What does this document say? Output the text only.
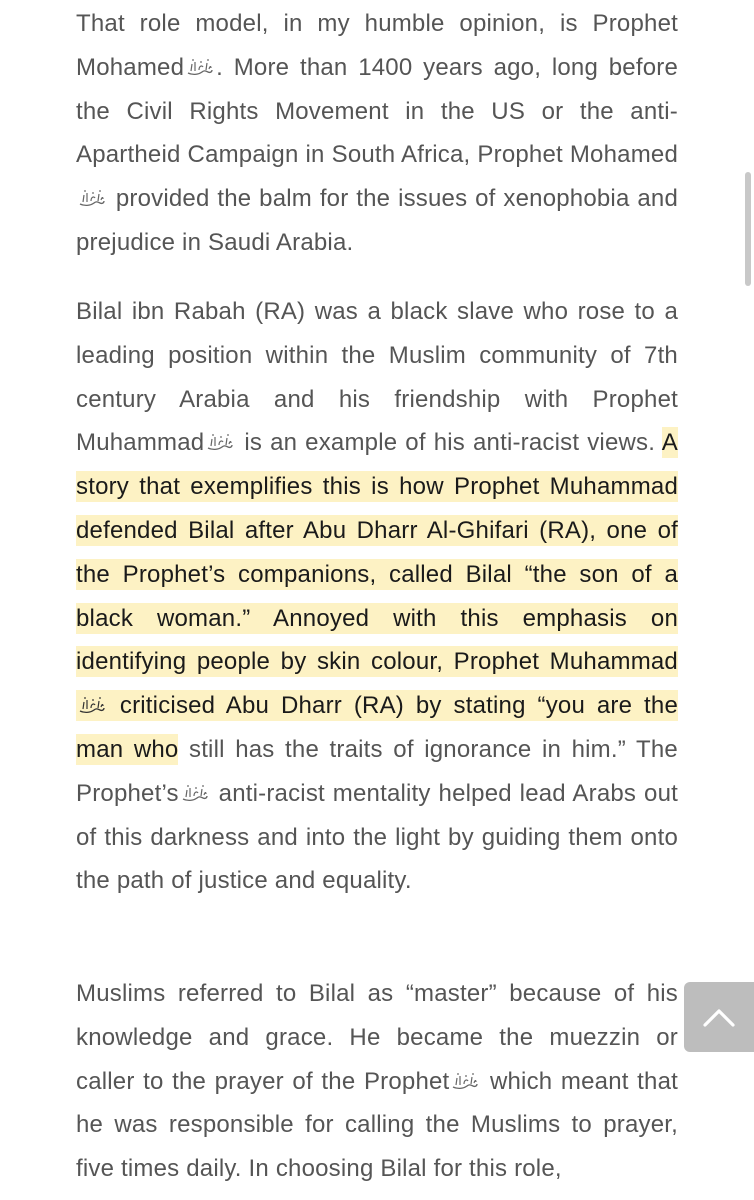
That role model, in my humble opinion, is Prophet Mohamed . More than 1400 years ago, long before the Civil Rights Movement in the US or the anti-Apartheid Campaign in South Africa, Prophet Mohamed
provided the balm for the issues of xenophobia and prejudice in Saudi Arabia.

Bilal ibn Rabah (RA) was a black slave who rose to a leading position within the Muslim community of 7th century Arabia and his friendship with Prophet Muhammad
is an example of his anti-racist views. A story that exemplifies this is how Prophet Muhammad defended Bilal after Abu Dharr Al-Ghifari (RA), one of the Prophet’s companions, called Bilal “the son of a black woman.” Annoyed with this emphasis on identifying people by skin colour, Prophet Muhammad
criticised Abu Dharr (RA) by stating “you are the man who still has the traits of ignorance in him.” The Prophet’s
anti-racist mentality helped lead Arabs out of this darkness and into the light by guiding them onto the path of justice and equality.

Muslims referred to Bilal as “master” because of his knowledge and grace. He became the muezzin or caller to the prayer of the Prophet
which meant that he was responsible for calling the Muslims to prayer, five times daily. In choosing Bilal for this role,
